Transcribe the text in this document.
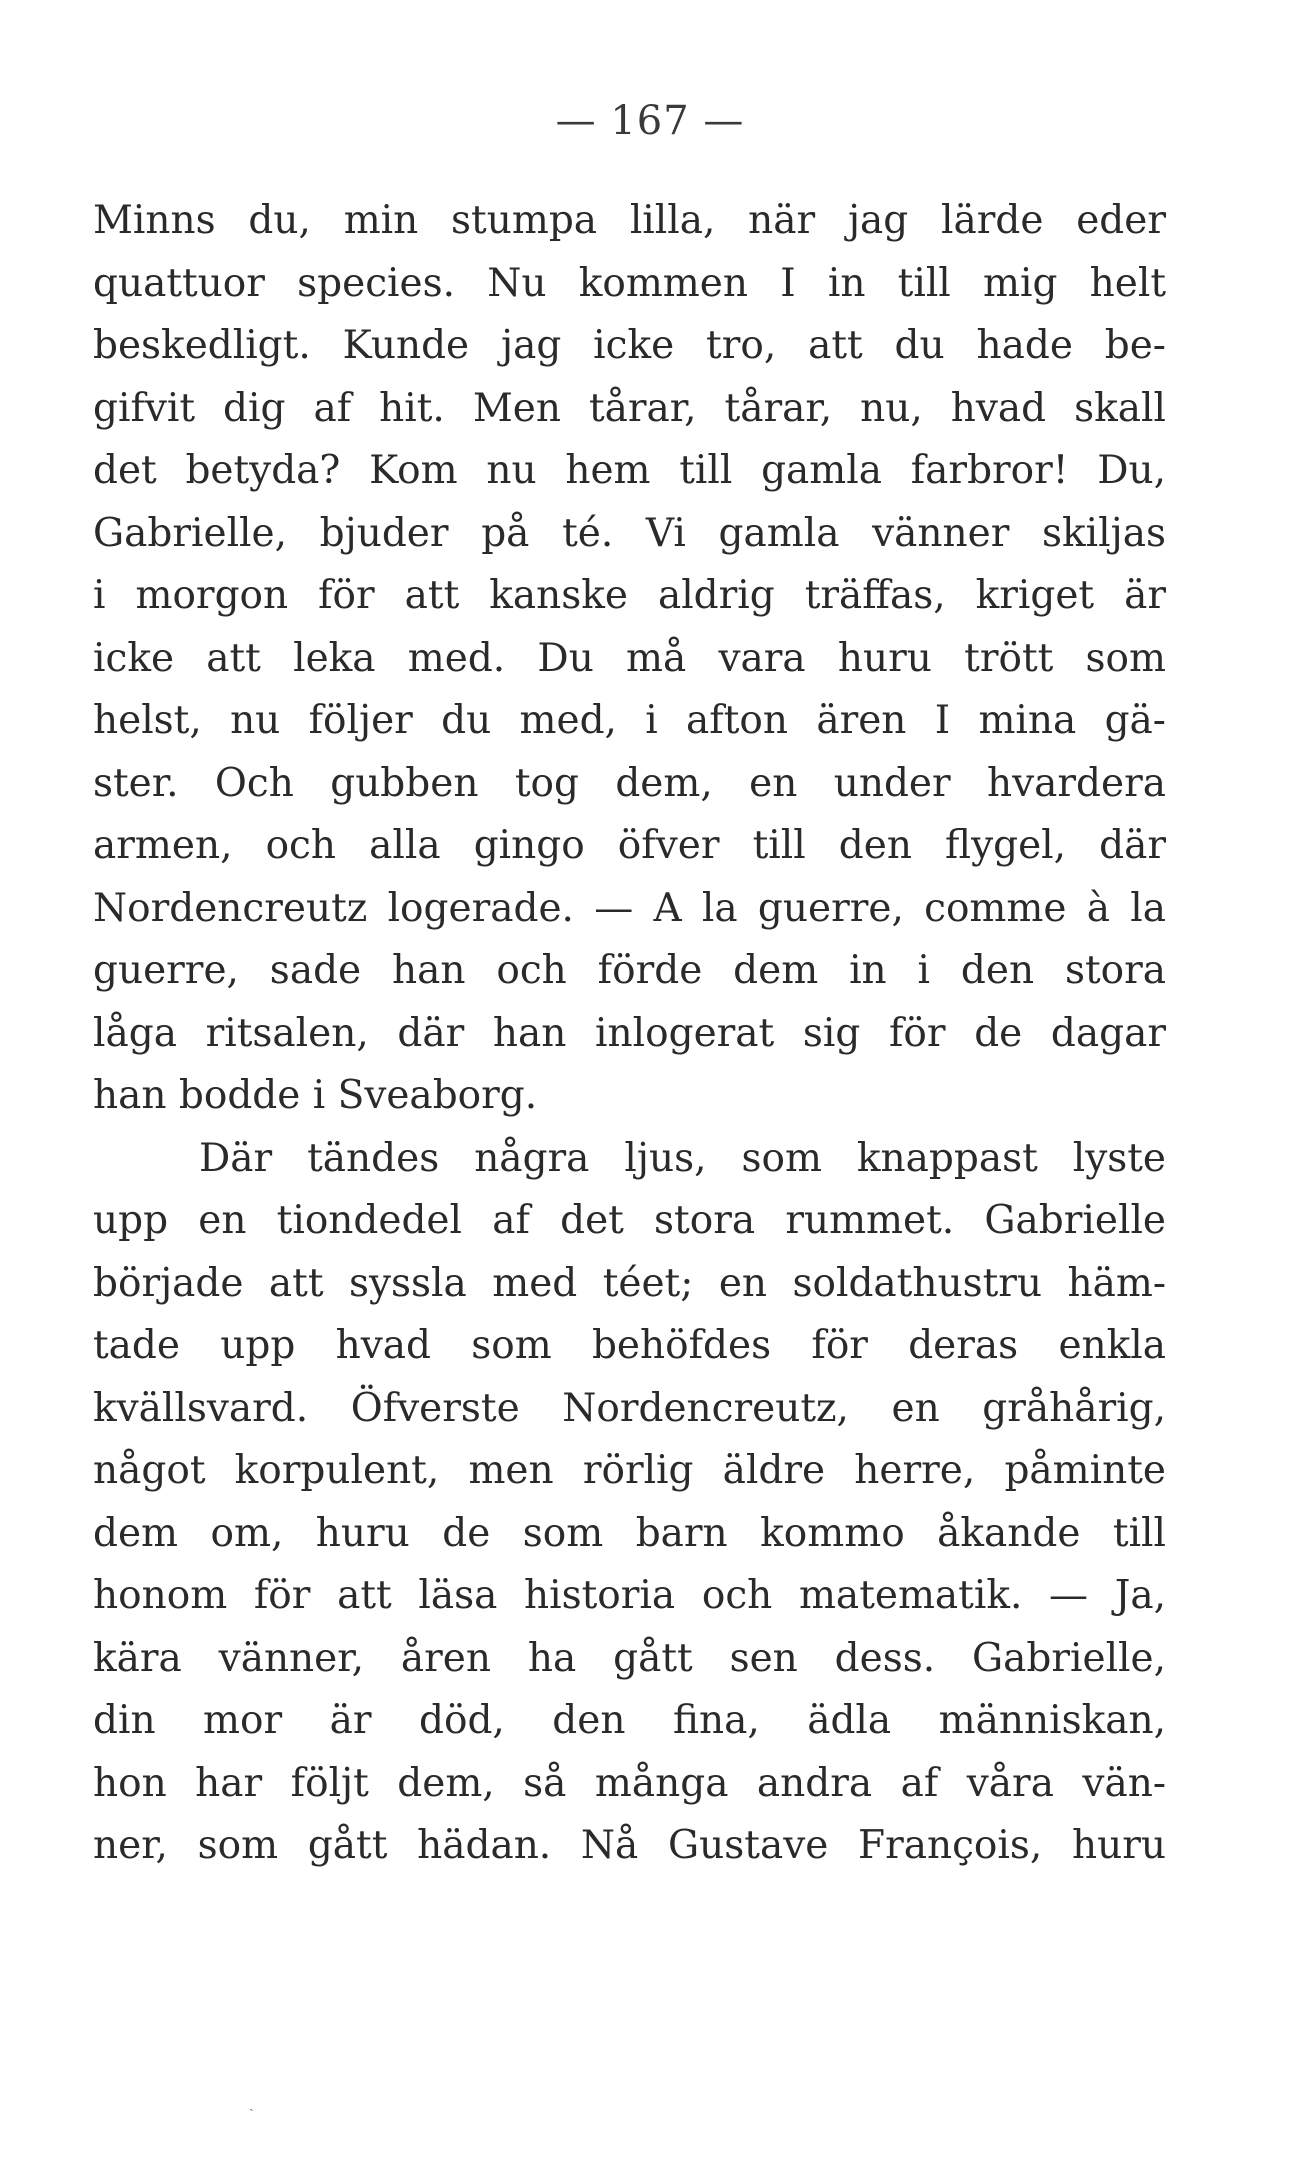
— 167 —
Minns du, min stumpa lilla, när jag lärde eder
quattuor species. Nu kommen I in till mig helt
beskedligt. Kunde jag icke tro, att du hade be-
gifvit dig af hit. Men tårar, tårar, nu, hvad skall
det betyda? Kom nu hem till gamla farbror! Du,
Gabrielle, bjuder på té. Vi gamla vänner skiljas
i morgon för att kanske aldrig träffas, kriget är
icke att leka med. Du må vara huru trött som
helst, nu följer du med, i afton ären I mina gä-
ster. Och gubben tog dem, en under hvardera
armen, och alla gingo öfver till den flygel, där
Nordencreutz logerade. — A la guerre, comme à la
guerre, sade han och förde dem in i den stora
låga ritsalen, där han inlogerat sig för de dagar
han bodde i Sveaborg.
Där tändes några ljus, som knappast lyste
upp en tiondedel af det stora rummet. Gabrielle
började att syssla med téet; en soldathustru häm-
tade upp hvad som behöfdes för deras enkla
kvällsvard. Öfverste Nordencreutz, en gråhårig,
något korpulent, men rörlig äldre herre, påminte
dem om, huru de som barn kommo åkande till
honom för att läsa historia och matematik. — Ja,
kära vänner, åren ha gått sen dess. Gabrielle,
din mor är död, den fina, ädla människan,
hon har följt dem, så många andra af våra vän-
ner, som gått hädan. Nå Gustave François, huru
ˏ
